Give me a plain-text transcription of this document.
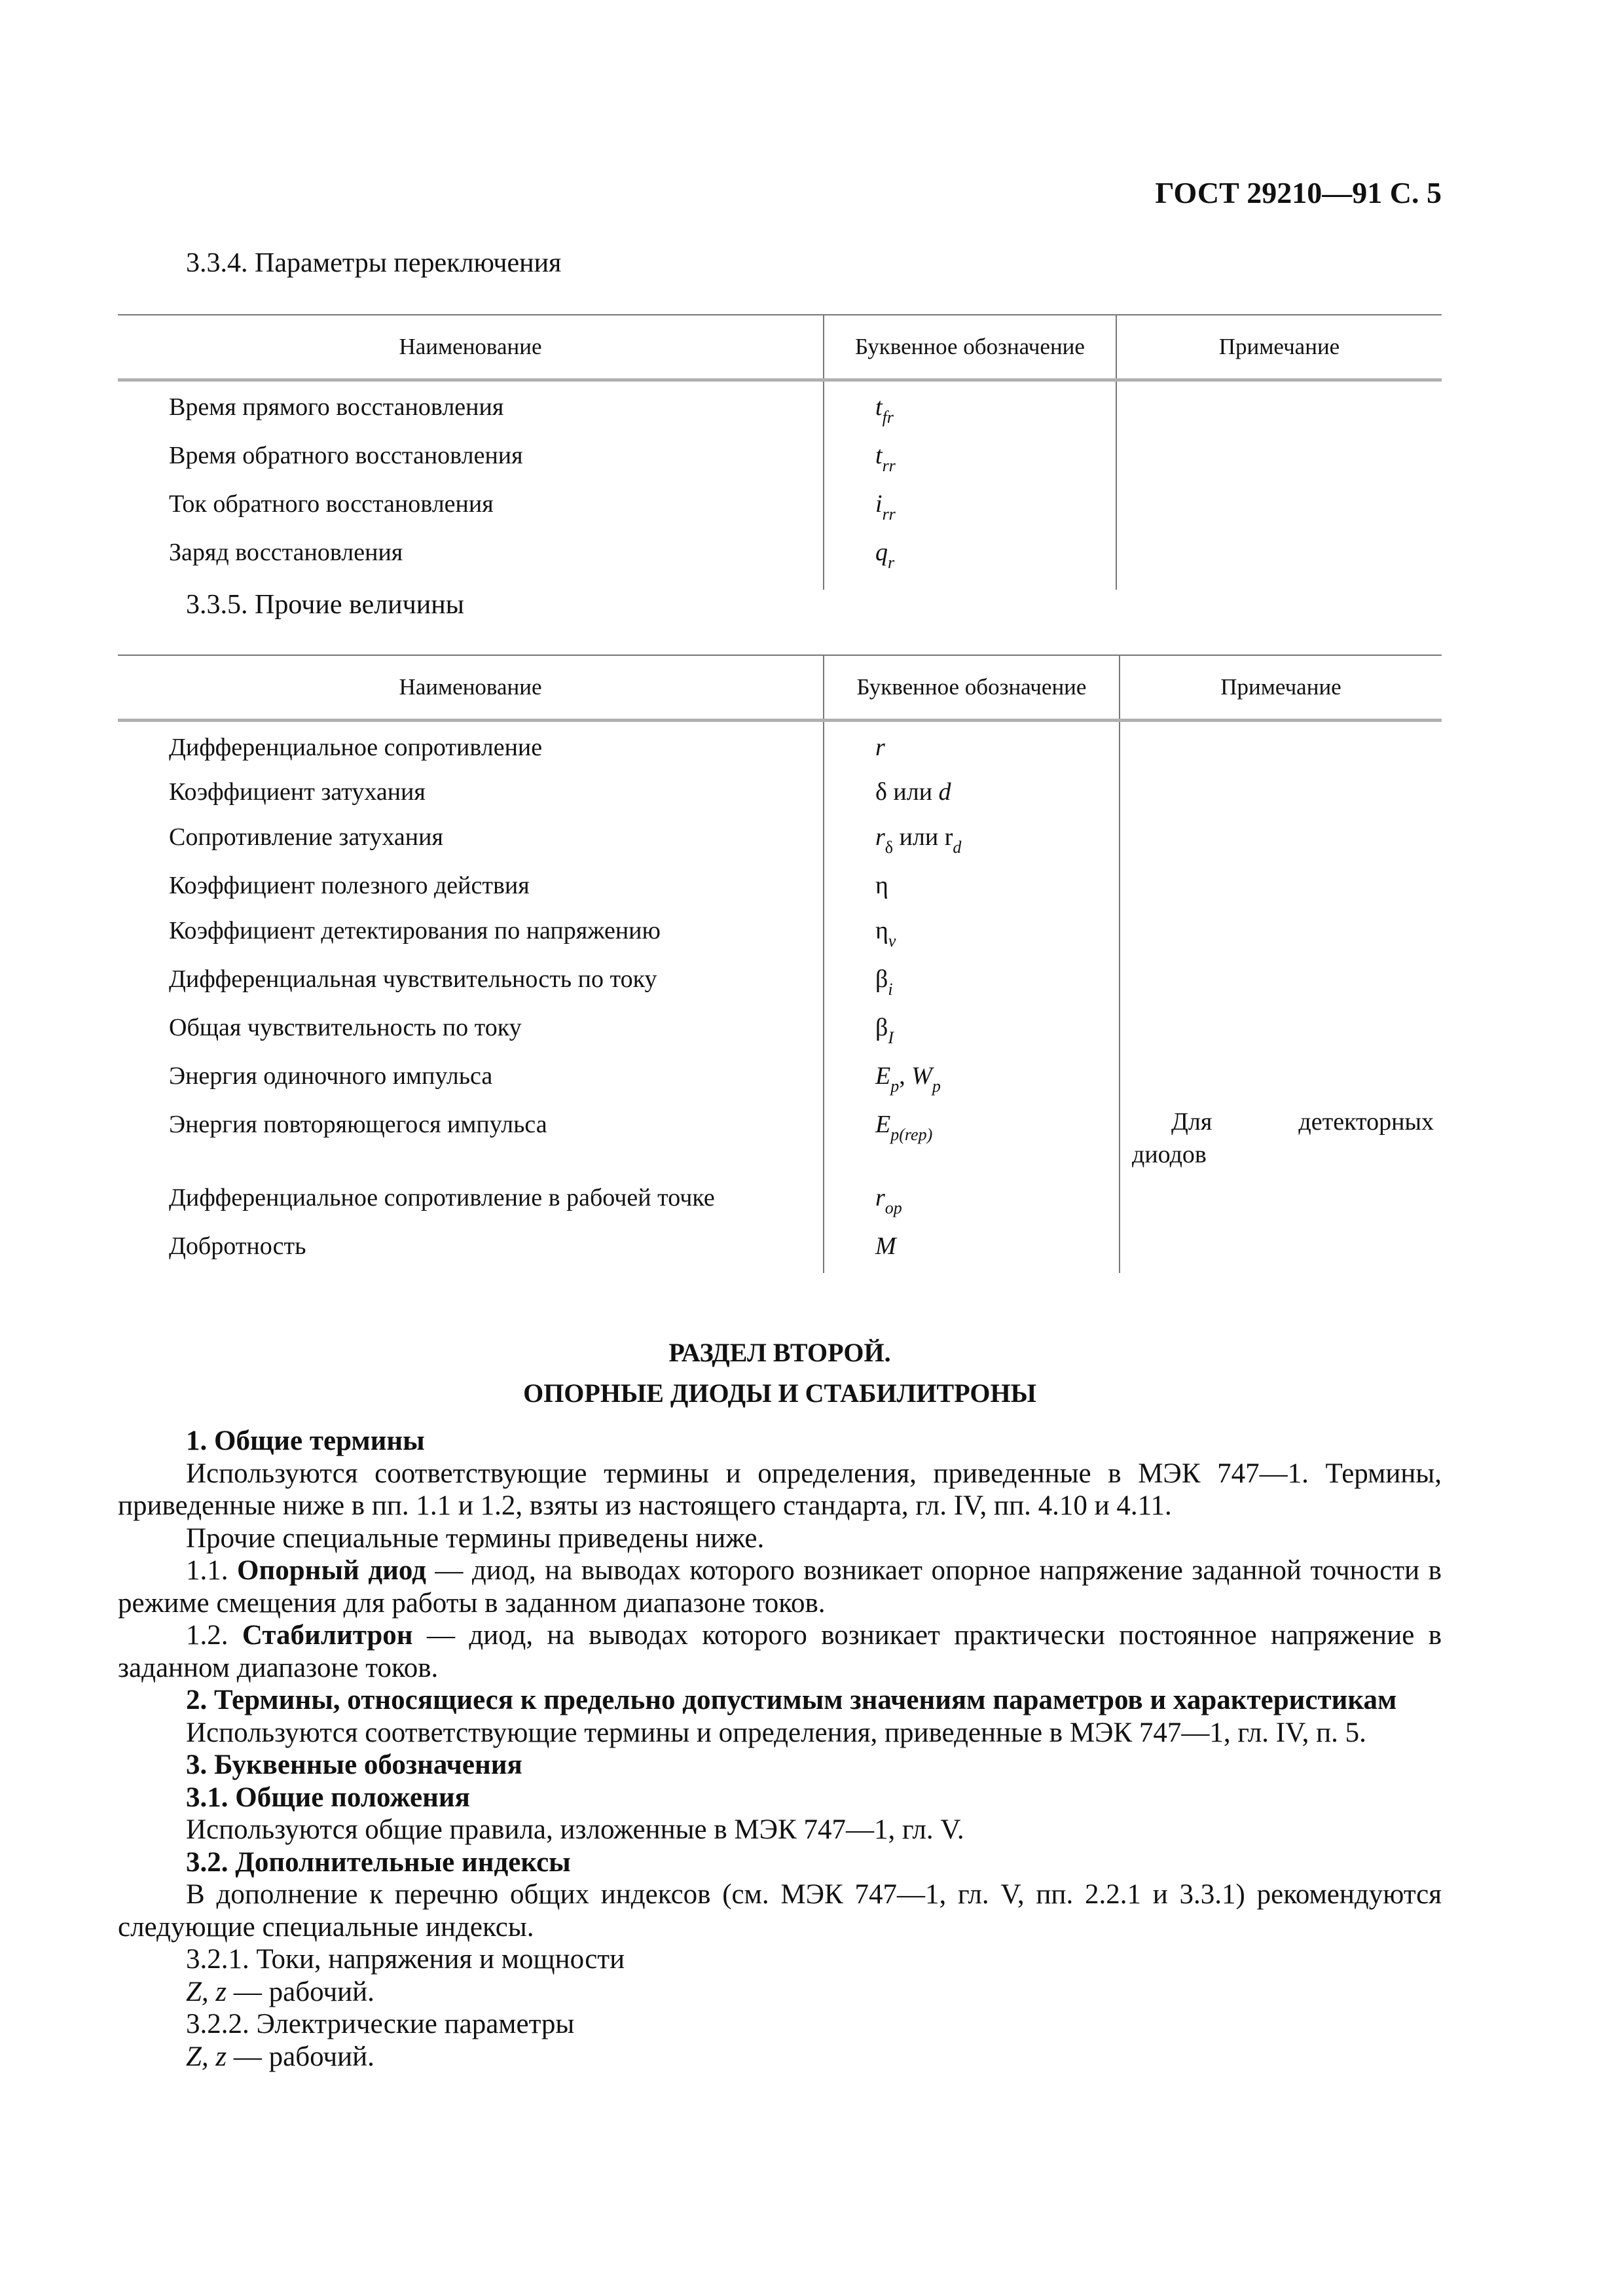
ГОСТ 29210—91 С. 5
3.3.4. Параметры переключения
Наименование	Буквенное обозначение	Примечание
Время прямого восстановления	$t_{fr}$	
Время обратного восстановления	$t_{rr}$	
Ток обратного восстановления	$i_{rr}$	
Заряд восстановления	$q_r$	
3.3.5. Прочие величины
Наименование	Буквенное обозначение	Примечание
Дифференциальное сопротивление	r	
Коэффициент затухания	δ или d	
Сопротивление затухания	$r_\delta$ или $r_d$	
Коэффициент полезного действия	η	
Коэффициент детектирования по напряжению	$\eta_v$	
Дифференциальная чувствительность по току	$\beta_i$	
Общая чувствительность по току	$\beta_I$	
Энергия одиночного импульса	$E_p$, $W_p$	
Энергия повторяющегося импульса	$E_{p(rep)}$	Для детекторных диодов

Дифференциальное сопротивление в рабочей точке	$r_{op}$	
Добротность	M	
РАЗДЕЛ ВТОРОЙ.
ОПОРНЫЕ ДИОДЫ И СТАБИЛИТРОНЫ

1. Общие термины

Используются соответствующие термины и определения, приведенные в МЭК 747—1. Термины, приведенные ниже в пп. 1.1 и 1.2, взяты из настоящего стандарта, гл. IV, пп. 4.10 и 4.11.

Прочие специальные термины приведены ниже.

1.1. Опорный диод — диод, на выводах которого возникает опорное напряжение заданной точности в режиме смещения для работы в заданном диапазоне токов.

1.2. Стабилитрон — диод, на выводах которого возникает практически постоянное напряжение в заданном диапазоне токов.

2. Термины, относящиеся к предельно допустимым значениям параметров и характеристикам

Используются соответствующие термины и определения, приведенные в МЭК 747—1, гл. IV, п. 5.

3. Буквенные обозначения

3.1. Общие положения

Используются общие правила, изложенные в МЭК 747—1, гл. V.

3.2. Дополнительные индексы

В дополнение к перечню общих индексов (см. МЭК 747—1, гл. V, пп. 2.2.1 и 3.3.1) рекомендуются следующие специальные индексы.

3.2.1. Токи, напряжения и мощности

Z, z — рабочий.

3.2.2. Электрические параметры

Z, z — рабочий.
